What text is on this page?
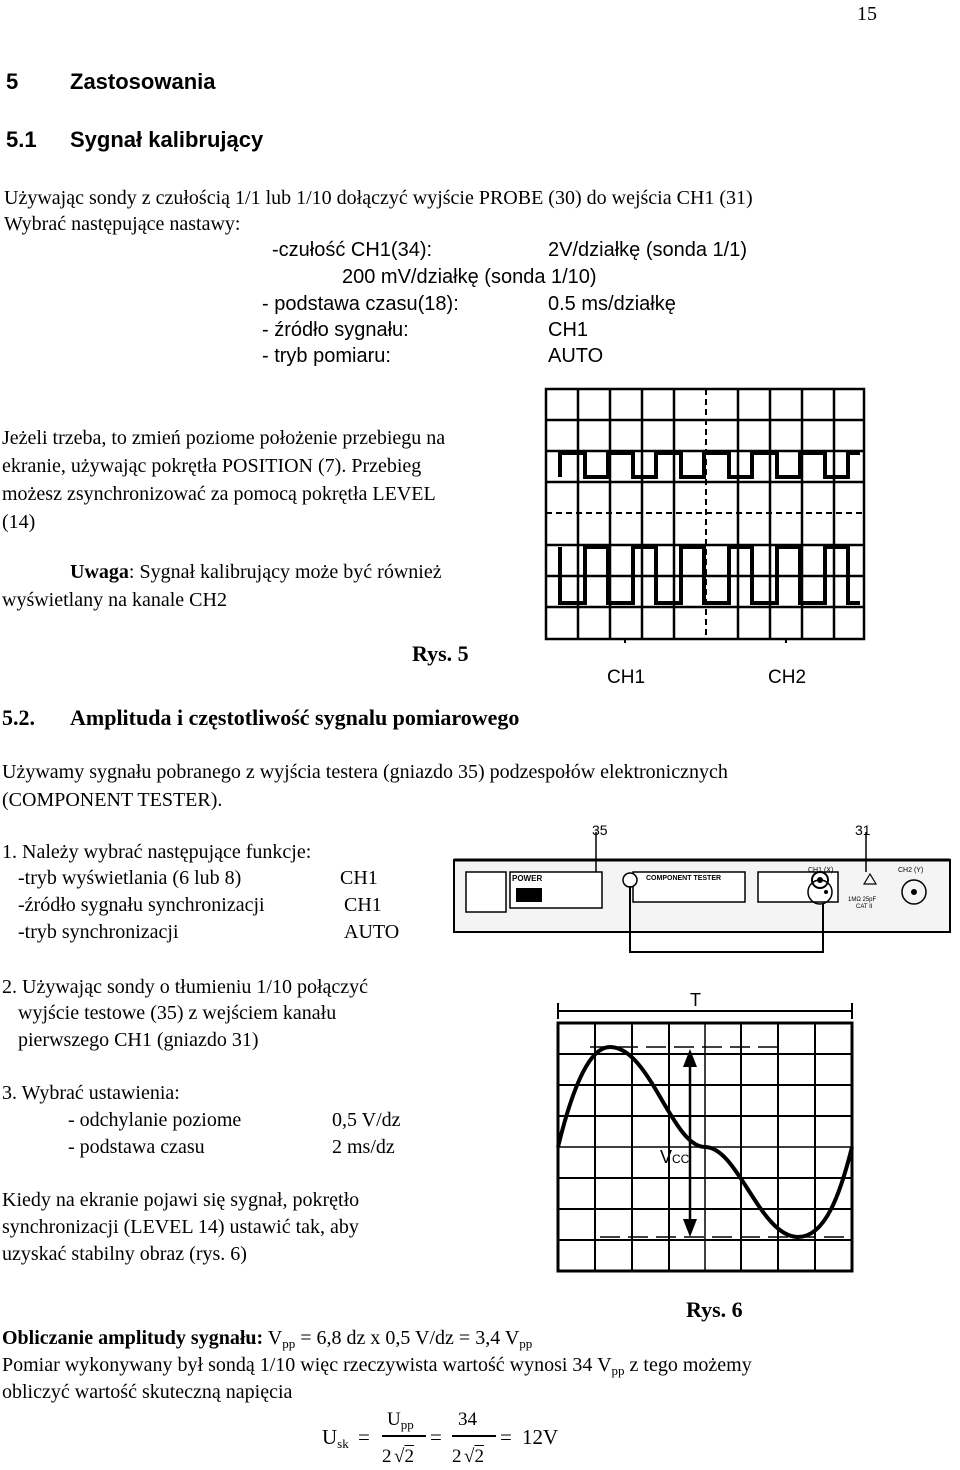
15
5 Zastosowania
5.1 Sygnał kalibrujący
Używając sondy z czułością 1/1 lub 1/10 dołączyć wyjście PROBE (30) do wejścia CH1 (31)
Wybrać następujące nastawy:
-czułość CH1(34):	2V/działkę (sonda 1/1)
200 mV/działkę (sonda 1/10)
- podstawa czasu(18):	0.5 ms/działkę
- źródło sygnału:	CH1
- tryb pomiaru:	AUTO
Jeżeli trzeba, to zmień poziome położenie przebiegu na
ekranie, używając pokrętła POSITION (7). Przebieg
możesz zsynchronizować za pomocą pokrętła LEVEL
(14)
Uwaga: Sygnał kalibrujący może być również
wyświetlany na kanale CH2
Rys. 5
CH1	CH2
5.2. Amplituda i częstotliwość sygnalu pomiarowego
Używamy sygnału pobranego z wyjścia testera (gniazdo 35) podzespołów elektronicznych
(COMPONENT TESTER).
1. Należy wybrać następujące funkcje:
-tryb wyświetlania (6 lub 8)	CH1
-źródło sygnału synchronizacji	CH1
-tryb synchronizacji	AUTO
35	31
POWER	COMPONENT TESTER
CH1 (X)	CH2 (Y)
1MΩ 25pF
CAT II
2. Używając sondy o tłumieniu 1/10 połączyć
wyjście testowe (35) z wejściem kanału
pierwszego CH1 (gniazdo 31)
3. Wybrać ustawienia:
- odchylanie poziome	0,5 V/dz
- podstawa czasu	2 ms/dz
Kiedy na ekranie pojawi się sygnał, pokrętło
synchronizacji (LEVEL 14) ustawić tak, aby
uzyskać stabilny obraz (rys. 6)
T
VCC
Rys. 6
Obliczanie amplitudy sygnału: $V_{pp} = 6,8$ dz x 0,5 V/dz = 3,4 $V_{pp}$
Pomiar wykonywany był sondą 1/10 więc rzeczywista wartość wynosi 34 $V_{pp}$ z tego możemy
obliczyć wartość skuteczną napięcia
$U_{sk}$ =
$U_{pp}$
2 √2
=
34
2 √2
= 12V
